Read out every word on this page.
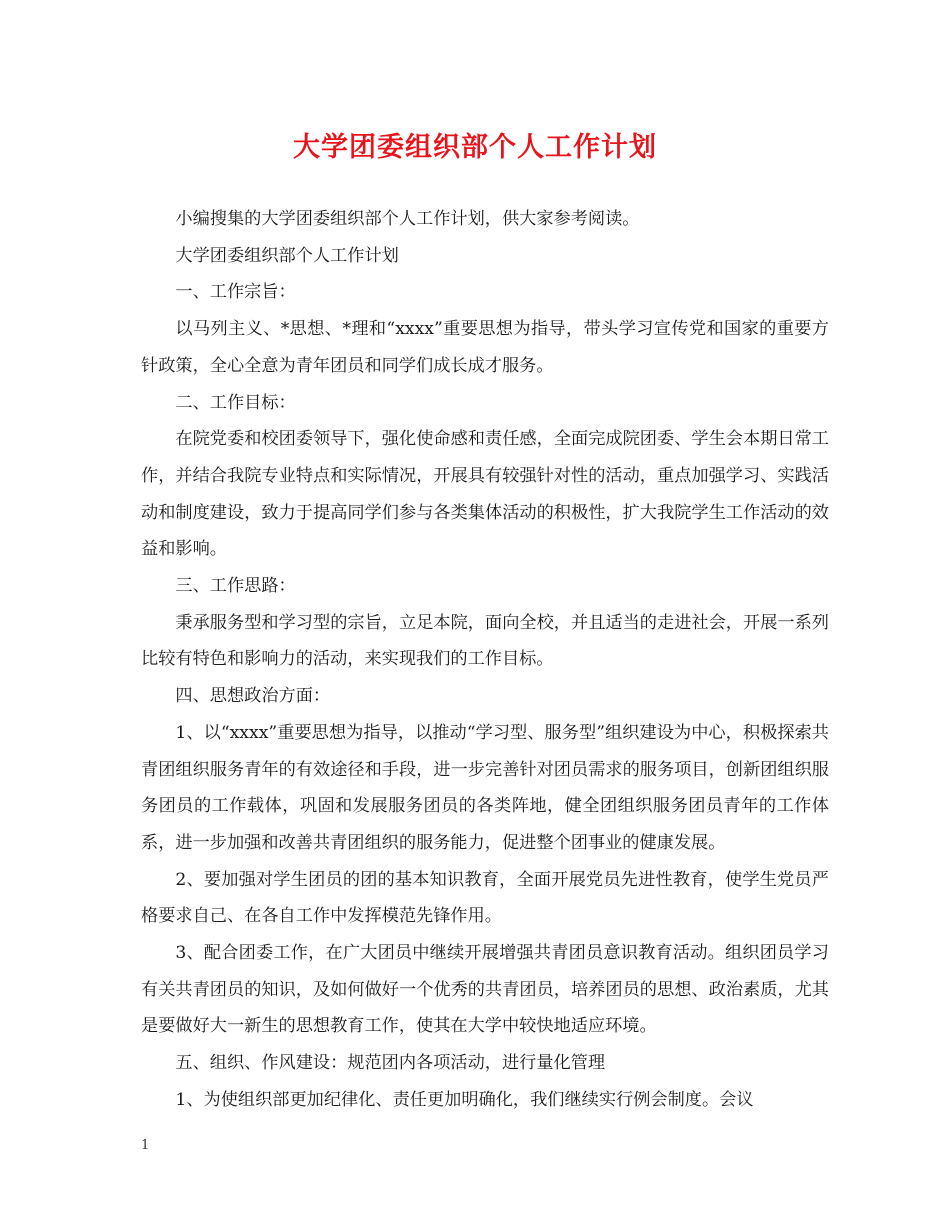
大学团委组织部个人工作计划

小编搜集的大学团委组织部个人工作计划，供大家参考阅读。

大学团委组织部个人工作计划

一、工作宗旨：

以马列主义、*思想、*理和“xxxx”重要思想为指导，带头学习宣传党和国家的重要方针政策，全心全意为青年团员和同学们成长成才服务。

二、工作目标：

在院党委和校团委领导下，强化使命感和责任感，全面完成院团委、学生会本期日常工作，并结合我院专业特点和实际情况，开展具有较强针对性的活动，重点加强学习、实践活动和制度建设，致力于提高同学们参与各类集体活动的积极性，扩大我院学生工作活动的效益和影响。

三、工作思路：

秉承服务型和学习型的宗旨，立足本院，面向全校，并且适当的走进社会，开展一系列比较有特色和影响力的活动，来实现我们的工作目标。

四、思想政治方面：

1、以“xxxx”重要思想为指导，以推动“学习型、服务型”组织建设为中心，积极探索共青团组织服务青年的有效途径和手段，进一步完善针对团员需求的服务项目，创新团组织服务团员的工作载体，巩固和发展服务团员的各类阵地，健全团组织服务团员青年的工作体系，进一步加强和改善共青团组织的服务能力，促进整个团事业的健康发展。

2、要加强对学生团员的团的基本知识教育，全面开展党员先进性教育，使学生党员严格要求自己、在各自工作中发挥模范先锋作用。

3、配合团委工作，在广大团员中继续开展增强共青团员意识教育活动。组织团员学习有关共青团员的知识，及如何做好一个优秀的共青团员，培养团员的思想、政治素质，尤其是要做好大一新生的思想教育工作，使其在大学中较快地适应环境。

五、组织、作风建设：规范团内各项活动，进行量化管理

1、为使组织部更加纪律化、责任更加明确化，我们继续实行例会制度。会议

1
